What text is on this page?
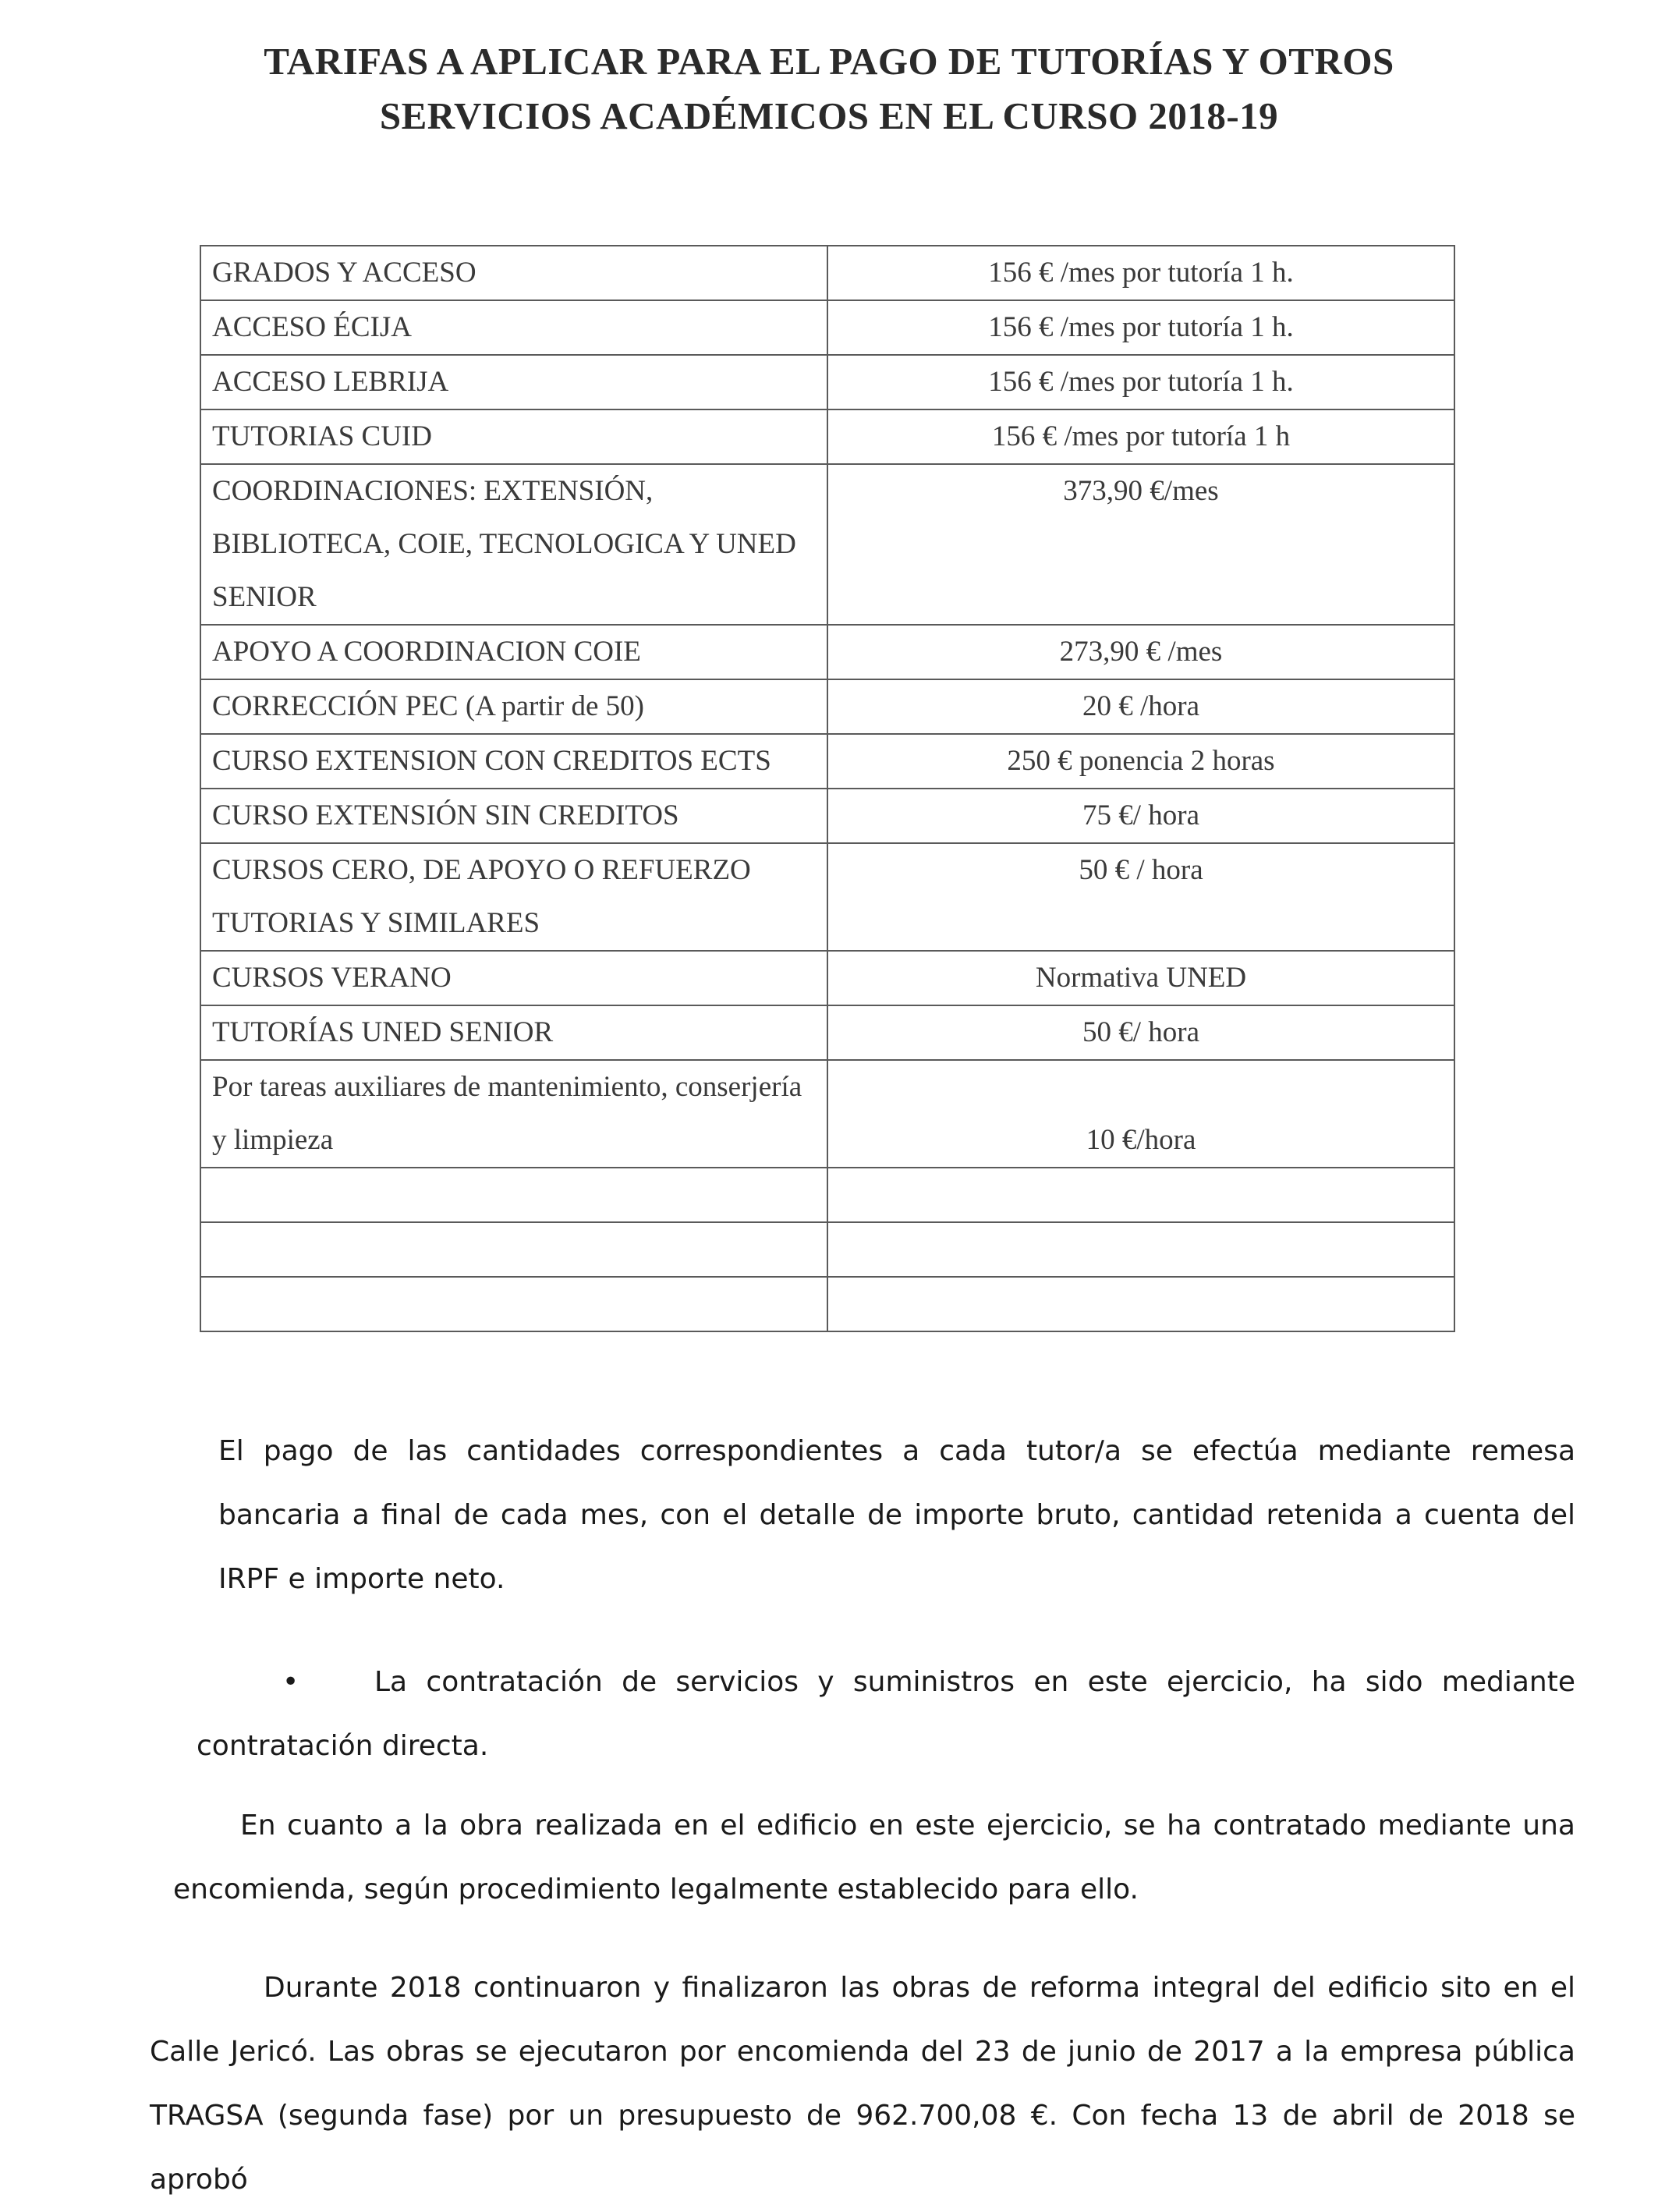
TARIFAS A APLICAR PARA EL PAGO DE TUTORÍAS Y OTROS
SERVICIOS ACADÉMICOS EN EL CURSO 2018-19
GRADOS Y ACCESO	156 € /mes por tutoría 1 h.
ACCESO ÉCIJA	156 € /mes por tutoría 1 h.
ACCESO LEBRIJA	156 € /mes por tutoría 1 h.
TUTORIAS CUID	156 € /mes por tutoría 1 h
COORDINACIONES: EXTENSIÓN, BIBLIOTECA, COIE, TECNOLOGICA Y UNED SENIOR	373,90 €/mes
APOYO A COORDINACION COIE	273,90 € /mes
CORRECCIÓN PEC (A partir de 50)	20 € /hora
CURSO EXTENSION CON CREDITOS ECTS	250 € ponencia 2 horas
CURSO EXTENSIÓN SIN CREDITOS	75 €/ hora
CURSOS CERO, DE APOYO O REFUERZO TUTORIAS Y SIMILARES	50 € / hora
CURSOS VERANO	Normativa UNED
TUTORÍAS UNED SENIOR	50 €/ hora
Por tareas auxiliares de mantenimiento, conserjería y limpieza	10 €/hora

El pago de las cantidades correspondientes a cada tutor/a se efectúa mediante remesa bancaria a final de cada mes, con el detalle de importe bruto, cantidad retenida a cuenta del IRPF e importe neto.
•	La contratación de servicios y suministros en este ejercicio, ha sido mediante contratación directa.
En cuanto a la obra realizada en el edificio en este ejercicio, se ha contratado mediante una encomienda, según procedimiento legalmente establecido para ello.
Durante 2018 continuaron y finalizaron las obras de reforma integral del edificio sito en el Calle Jericó. Las obras se ejecutaron por encomienda del 23 de junio de 2017 a la empresa pública TRAGSA (segunda fase) por un presupuesto de 962.700,08 €. Con fecha 13 de abril de 2018 se aprobó
